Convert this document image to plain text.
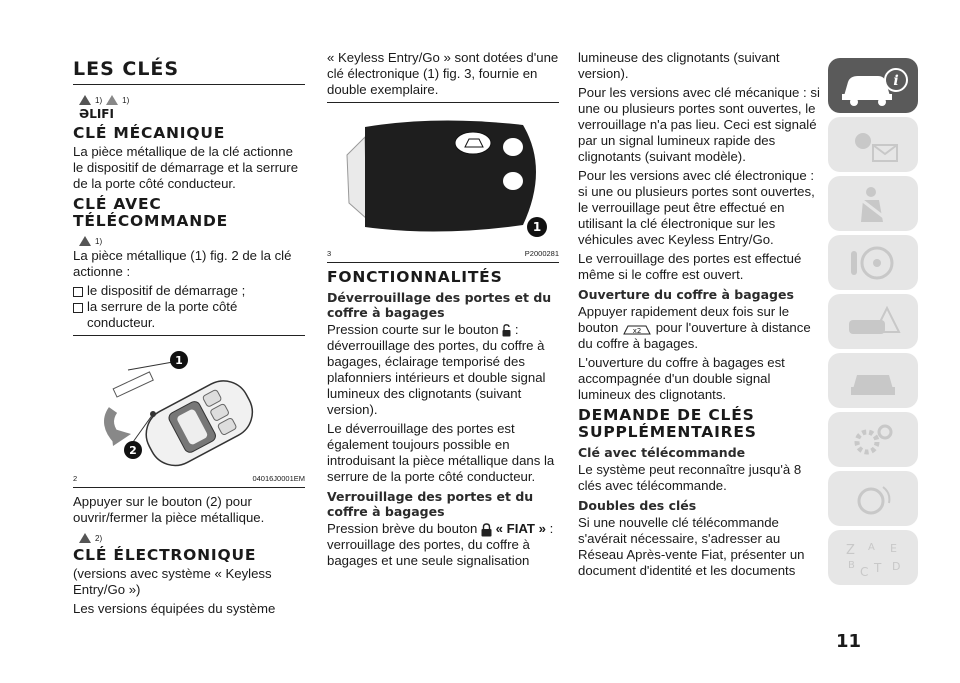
LES CLÉS
1)	1)
ƏLIFI
CLÉ MÉCANIQUE

La pièce métallique de la clé actionne le dispositif de démarrage et la serrure de la porte côté conducteur.

CLÉ AVEC
TÉLÉCOMMANDE
1)

La pièce métallique (1) fig. 2 de la clé actionne :

le dispositif de démarrage ;
la serrure de la porte côté conducteur.
1
2
2	04016J0001EM

Appuyer sur le bouton (2) pour ouvrir/fermer la pièce métallique.

2)
CLÉ ÉLECTRONIQUE

(versions avec système « Keyless Entry/Go »)

Les versions équipées du système

« Keyless Entry/Go » sont dotées d'une clé électronique (1) fig. 3, fournie en double exemplaire.

1
3	P2000281
FONCTIONNALITÉS
Déverrouillage des portes et du coffre à bagages

Pression courte sur le bouton : déverrouillage des portes, du coffre à bagages, éclairage temporisé des plafonniers intérieurs et double signal lumineux des clignotants (suivant version).

Le déverrouillage des portes est également toujours possible en introduisant la pièce métallique dans la serrure de la porte côté conducteur.

Verrouillage des portes et du coffre à bagages

Pression brève du bouton « FIAT » : verrouillage des portes, du coffre à bagages et une seule signalisation

lumineuse des clignotants (suivant version).

Pour les versions avec clé mécanique : si une ou plusieurs portes sont ouvertes, le verrouillage n'a pas lieu. Ceci est signalé par un signal lumineux rapide des clignotants (suivant modèle).

Pour les versions avec clé électronique : si une ou plusieurs portes sont ouvertes, le verrouillage peut être effectué en utilisant la clé électronique sur les véhicules avec Keyless Entry/Go.

Le verrouillage des portes est effectué même si le coffre est ouvert.

Ouverture du coffre à bagages

Appuyer rapidement deux fois sur le bouton x2 pour l'ouverture à distance du coffre à bagages.

L'ouverture du coffre à bagages est accompagnée d'un double signal lumineux des clignotants.

DEMANDE DE CLÉS
SUPPLÉMENTAIRES
Clé avec télécommande

Le système peut reconnaître jusqu'à 8 clés avec télécommande.

Doubles des clés

Si une nouvelle clé télécommande s'avérait nécessaire, s'adresser au Réseau Après-vente Fiat, présenter un document d'identité et les documents

i
Z A E
B C T D
11
